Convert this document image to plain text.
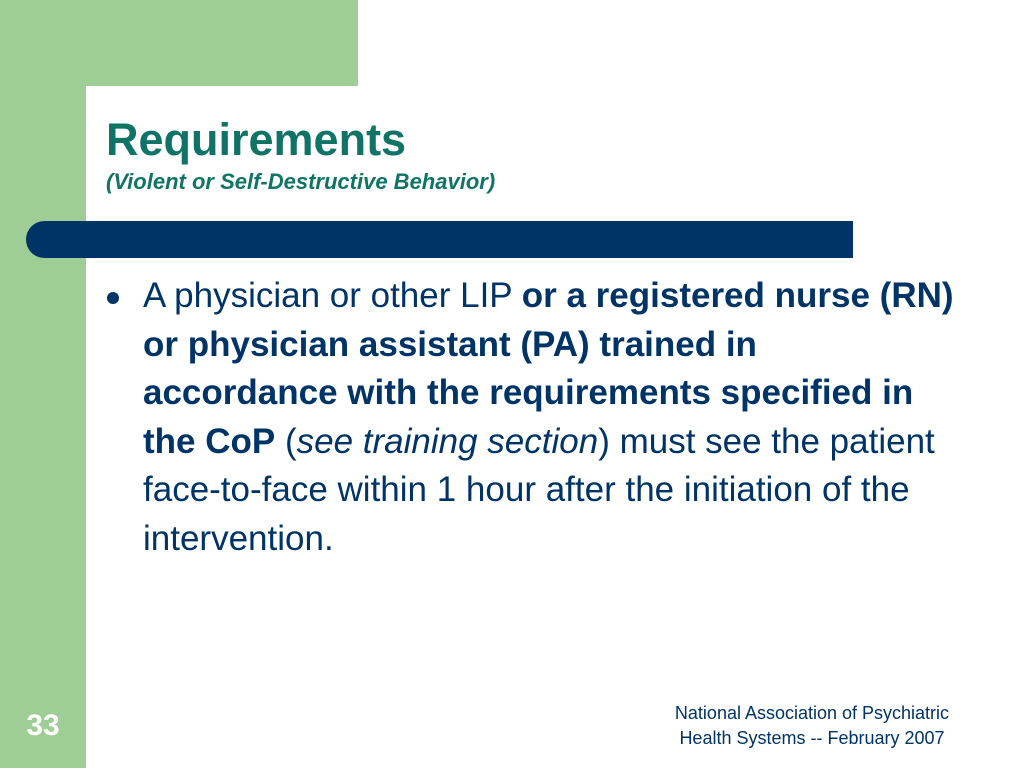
Requirements
(Violent or Self-Destructive Behavior)

A physician or other LIP or a registered nurse (RN) or physician assistant (PA) trained in accordance with the requirements specified in the CoP (see training section) must see the patient face-to-face within 1 hour after the initiation of the intervention.

33	National Association of Psychiatric
Health Systems -- February 2007
